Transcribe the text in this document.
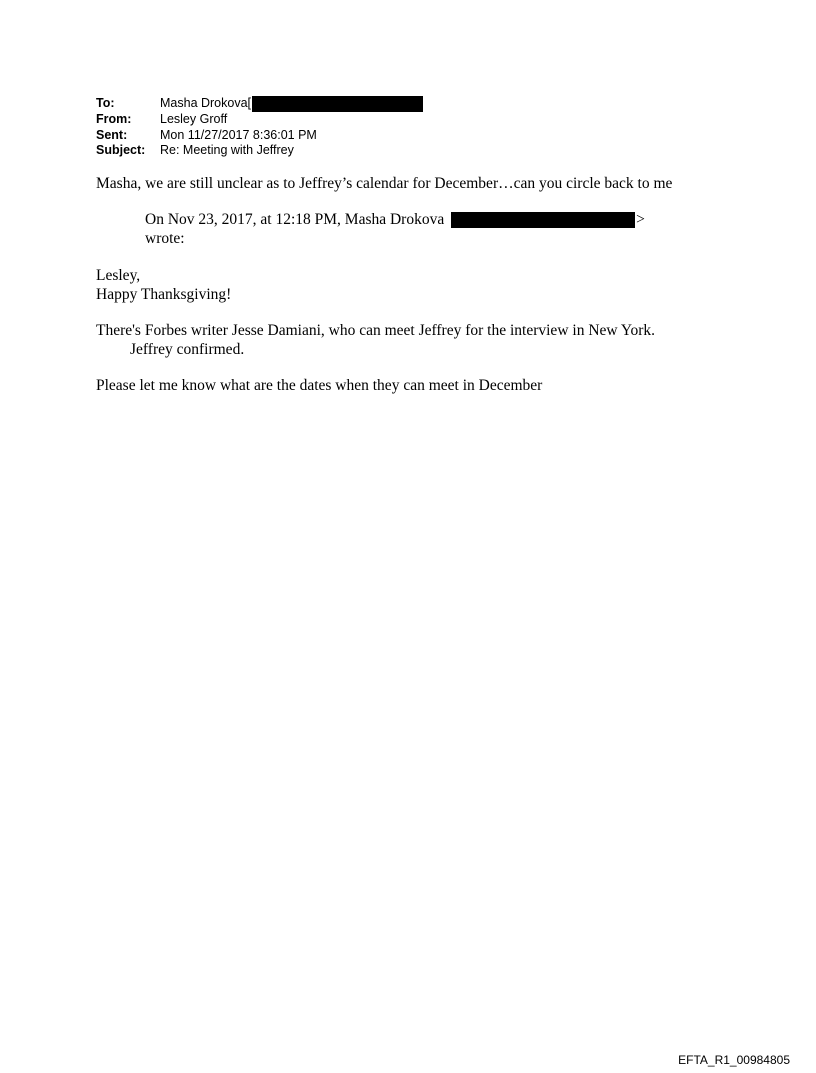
To:	Masha Drokova[
From:	Lesley Groff
Sent:	Mon 11/27/2017 8:36:01 PM
Subject:	Re: Meeting with Jeffrey
Masha, we are still unclear as to Jeffrey’s calendar for December…can you circle back to me
On Nov 23, 2017, at 12:18 PM, Masha Drokova	>
wrote:
Lesley,
Happy Thanksgiving!
There's Forbes writer Jesse Damiani, who can meet Jeffrey for the interview in New York.
Jeffrey confirmed.
Please let me know what are the dates when they can meet in December
EFTA_R1_00984805
